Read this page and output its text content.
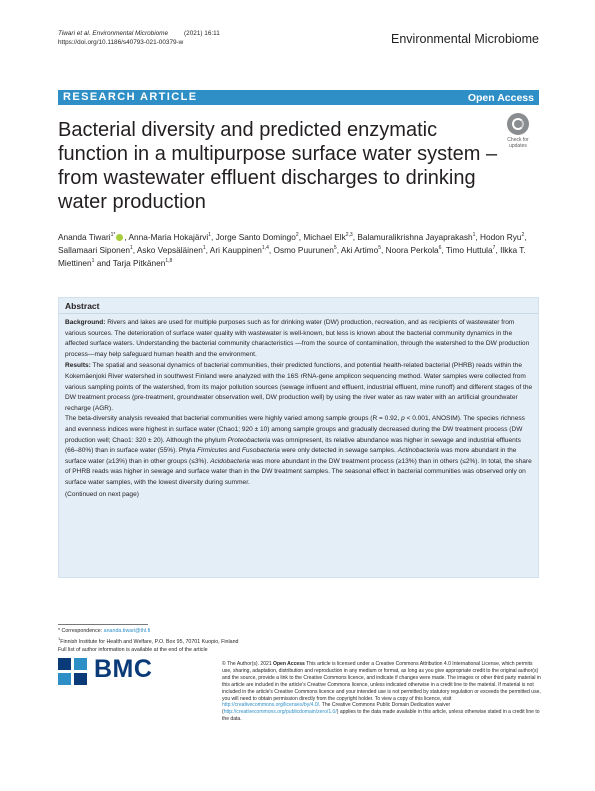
Tiwari et al. Environmental Microbiome (2021) 16:11
https://doi.org/10.1186/s40793-021-00379-w	Environmental Microbiome
RESEARCH ARTICLE	Open Access
Bacterial diversity and predicted enzymatic function in a multipurpose surface water system – from wastewater effluent discharges to drinking water production
Check for
updates
Ananda Tiwari$^{1*}$ , Anna-Maria Hokajärvi$^1$, Jorge Santo Domingo$^2$, Michael Elk$^{2,3}$, Balamuralikrishna Jayaprakash$^1$, Hodon Ryu$^2$, Sallamaari Siponen$^1$, Asko Vepsäläinen$^1$, Ari Kauppinen$^{1,4}$, Osmo Puurunen$^5$, Aki Artimo$^5$, Noora Perkola$^6$, Timo Huttula$^7$, Ilkka T. Miettinen$^1$ and Tarja Pitkänen$^{1,8}$
Abstract

Background: Rivers and lakes are used for multiple purposes such as for drinking water (DW) production, recreation, and as recipients of wastewater from various sources. The deterioration of surface water quality with wastewater is well-known, but less is known about the bacterial community dynamics in the affected surface waters. Understanding the bacterial community characteristics —from the source of contamination, through the watershed to the DW production process—may help safeguard human health and the environment.

Results: The spatial and seasonal dynamics of bacterial communities, their predicted functions, and potential health-related bacterial (PHRB) reads within the Kokemäenjoki River watershed in southwest Finland were analyzed with the 16S rRNA-gene amplicon sequencing method. Water samples were collected from various sampling points of the watershed, from its major pollution sources (sewage influent and effluent, industrial effluent, mine runoff) and different stages of the DW treatment process (pre-treatment, groundwater observation well, DW production well) by using the river water as raw water with an artificial groundwater recharge (AGR).

The beta-diversity analysis revealed that bacterial communities were highly varied among sample groups (R = 0.92, p < 0.001, ANOSIM). The species richness and evenness indices were highest in surface water (Chao1; 920 ± 10) among sample groups and gradually decreased during the DW treatment process (DW production well; Chao1: 320 ± 20). Although the phylum Proteobacteria was omnipresent, its relative abundance was higher in sewage and industrial effluents (66–80%) than in surface water (55%). Phyla Firmicutes and Fusobacteria were only detected in sewage samples. Actinobacteria was more abundant in the surface water (≥13%) than in other groups (≤3%). Acidobacteria was more abundant in the DW treatment process (≥13%) than in others (≤2%). In total, the share of PHRB reads was higher in sewage and surface water than in the DW treatment samples. The seasonal effect in bacterial communities was observed only on surface water samples, with the lowest diversity during summer.

(Continued on next page)

* Correspondence: ananda.tiwari@thl.fi
$^1$Finnish Institute for Health and Welfare, P.O. Box 95, 70701 Kuopio, Finland
Full list of author information is available at the end of the article
BMC	© The Author(s). 2021 Open Access This article is licensed under a Creative Commons Attribution 4.0 International License, which permits use, sharing, adaptation, distribution and reproduction in any medium or format, as long as you give appropriate credit to the original author(s) and the source, provide a link to the Creative Commons licence, and indicate if changes were made. The images or other third party material in this article are included in the article's Creative Commons licence, unless indicated otherwise in a credit line to the material. If material is not included in the article's Creative Commons licence and your intended use is not permitted by statutory regulation or exceeds the permitted use, you will need to obtain permission directly from the copyright holder. To view a copy of this licence, visit http://creativecommons.org/licenses/by/4.0/. The Creative Commons Public Domain Dedication waiver (http://creativecommons.org/publicdomain/zero/1.0/) applies to the data made available in this article, unless otherwise stated in a credit line to the data.
